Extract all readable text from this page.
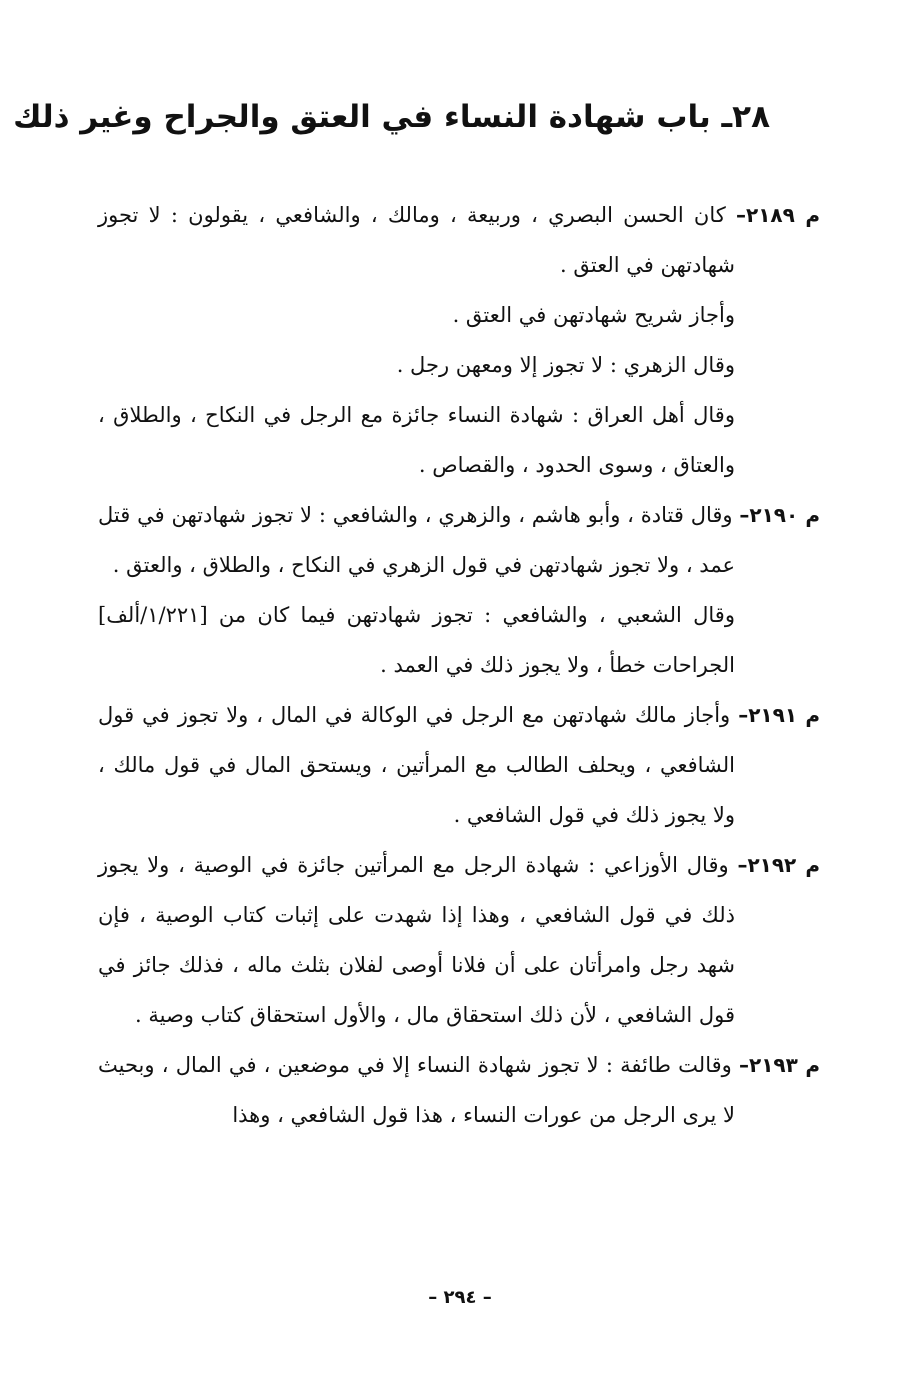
٢٨ـ باب شهادة النساء في العتق والجراح وغير ذلك
م ٢١٨٩– كان الحسن البصري ، وربيعة ، ومالك ، والشافعي ، يقولون : لا تجوز شهادتهن في العتق .
وأجاز شريح شهادتهن في العتق .
وقال الزهري : لا تجوز إلا ومعهن رجل .
وقال أهل العراق : شهادة النساء جائزة مع الرجل في النكاح ، والطلاق ، والعتاق ، وسوى الحدود ، والقصاص .
م ٢١٩٠– وقال قتادة ، وأبو هاشم ، والزهري ، والشافعي : لا تجوز شهادتهن في قتل عمد ، ولا تجوز شهادتهن في قول الزهري في النكاح ، والطلاق ، والعتق .
وقال الشعبي ، والشافعي : تجوز شهادتهن فيما كان من [١/٢٢١/ألف] الجراحات خطأ ، ولا يجوز ذلك في العمد .
م ٢١٩١– وأجاز مالك شهادتهن مع الرجل في الوكالة في المال ، ولا تجوز في قول الشافعي ، ويحلف الطالب مع المرأتين ، ويستحق المال في قول مالك ، ولا يجوز ذلك في قول الشافعي .
م ٢١٩٢– وقال الأوزاعي : شهادة الرجل مع المرأتين جائزة في الوصية ، ولا يجوز ذلك في قول الشافعي ، وهذا إذا شهدت على إثبات كتاب الوصية ، فإن شهد رجل وامرأتان على أن فلانا أوصى لفلان بثلث ماله ، فذلك جائز في قول الشافعي ، لأن ذلك استحقاق مال ، والأول استحقاق كتاب وصية .
م ٢١٩٣– وقالت طائفة : لا تجوز شهادة النساء إلا في موضعين ، في المال ، وبحيث لا يرى الرجل من عورات النساء ، هذا قول الشافعي ، وهذا
– ٢٩٤ –
